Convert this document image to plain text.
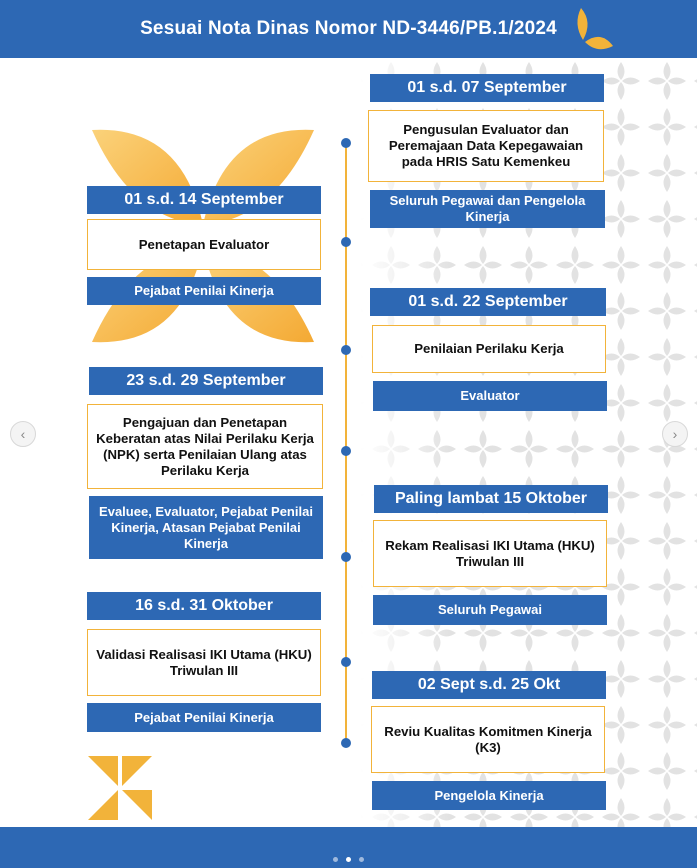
Sesuai Nota Dinas Nomor ND-3446/PB.1/2024
01 s.d. 07 September
Pengusulan Evaluator dan Peremajaan Data Kepegawaian pada HRIS Satu Kemenkeu
Seluruh Pegawai dan Pengelola Kinerja
01 s.d. 14 September
Penetapan Evaluator
Pejabat Penilai Kinerja
01 s.d. 22 September
Penilaian Perilaku Kerja
Evaluator
23 s.d. 29 September
Pengajuan dan Penetapan Keberatan atas Nilai Perilaku Kerja (NPK) serta Penilaian Ulang atas Perilaku Kerja
Evaluee, Evaluator, Pejabat Penilai Kinerja, Atasan Pejabat Penilai Kinerja
Paling lambat 15 Oktober
Rekam Realisasi IKI Utama (HKU) Triwulan III
Seluruh Pegawai
16 s.d. 31 Oktober
Validasi Realisasi IKI Utama (HKU) Triwulan III
Pejabat Penilai Kinerja
02 Sept s.d. 25 Okt
Reviu Kualitas Komitmen Kinerja (K3)
Pengelola Kinerja
‹	›
